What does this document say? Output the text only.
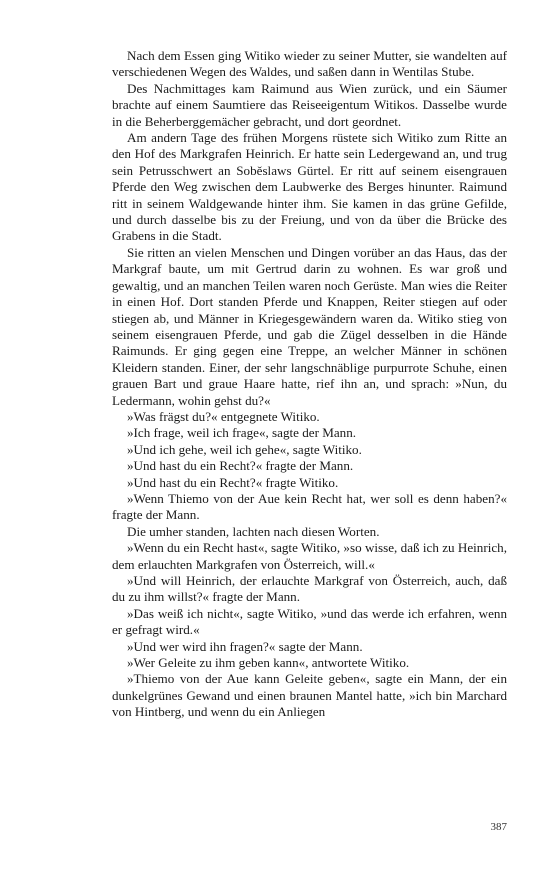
Nach dem Essen ging Witiko wieder zu seiner Mutter, sie wandelten auf verschiedenen Wegen des Waldes, und saßen dann in Wentilas Stube.

Des Nachmittages kam Raimund aus Wien zurück, und ein Säumer brachte auf einem Saumtiere das Reiseeigentum Witikos. Dasselbe wurde in die Beherberggemächer gebracht, und dort geordnet.

Am andern Tage des frühen Morgens rüstete sich Witiko zum Ritte an den Hof des Markgrafen Heinrich. Er hatte sein Ledergewand an, und trug sein Petrusschwert an Soběslaws Gürtel. Er ritt auf seinem eisengrauen Pferde den Weg zwischen dem Laubwerke des Berges hinunter. Raimund ritt in seinem Waldgewande hinter ihm. Sie kamen in das grüne Gefilde, und durch dasselbe bis zu der Freiung, und von da über die Brücke des Grabens in die Stadt.

Sie ritten an vielen Menschen und Dingen vorüber an das Haus, das der Markgraf baute, um mit Gertrud darin zu wohnen. Es war groß und gewaltig, und an manchen Teilen waren noch Gerüste. Man wies die Reiter in einen Hof. Dort standen Pferde und Knappen, Reiter stiegen auf oder stiegen ab, und Männer in Kriegesgewändern waren da. Witiko stieg von seinem eisengrauen Pferde, und gab die Zügel desselben in die Hände Raimunds. Er ging gegen eine Treppe, an welcher Männer in schönen Kleidern standen. Einer, der sehr langschnäblige purpurrote Schuhe, einen grauen Bart und graue Haare hatte, rief ihn an, und sprach: »Nun, du Ledermann, wohin gehst du?«

»Was frägst du?« entgegnete Witiko.

»Ich frage, weil ich frage«, sagte der Mann.

»Und ich gehe, weil ich gehe«, sagte Witiko.

»Und hast du ein Recht?« fragte der Mann.

»Und hast du ein Recht?« fragte Witiko.

»Wenn Thiemo von der Aue kein Recht hat, wer soll es denn haben?« fragte der Mann.

Die umher standen, lachten nach diesen Worten.

»Wenn du ein Recht hast«, sagte Witiko, »so wisse, daß ich zu Heinrich, dem erlauchten Markgrafen von Österreich, will.«

»Und will Heinrich, der erlauchte Markgraf von Österreich, auch, daß du zu ihm willst?« fragte der Mann.

»Das weiß ich nicht«, sagte Witiko, »und das werde ich erfahren, wenn er gefragt wird.«

»Und wer wird ihn fragen?« sagte der Mann.

»Wer Geleite zu ihm geben kann«, antwortete Witiko.

»Thiemo von der Aue kann Geleite geben«, sagte ein Mann, der ein dunkelgrünes Gewand und einen braunen Mantel hatte, »ich bin Marchard von Hintberg, und wenn du ein Anliegen

387
